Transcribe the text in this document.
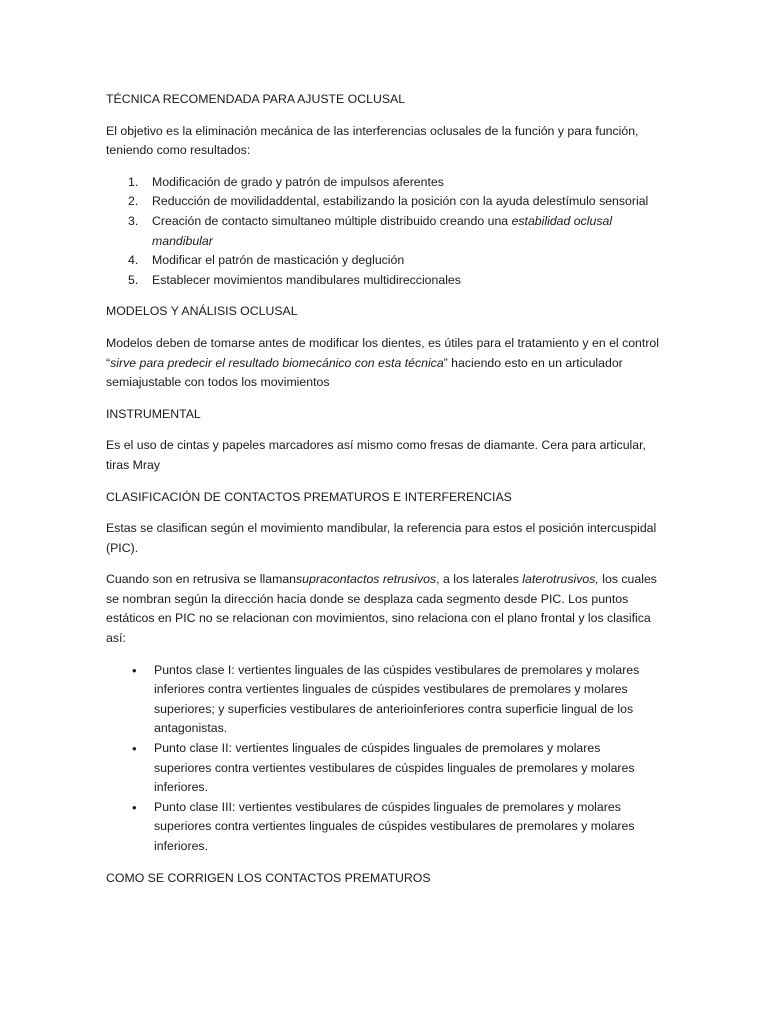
TÉCNICA RECOMENDADA PARA AJUSTE OCLUSAL
El objetivo es la eliminación mecánica de las interferencias oclusales de la función y para función, teniendo como resultados:
1. Modificación de grado y patrón de impulsos aferentes
2. Reducción de movilidaddental, estabilizando la posición con la ayuda delestímulo sensorial
3. Creación de contacto simultaneo múltiple distribuido creando una estabilidad oclusal mandibular
4. Modificar el patrón de masticación y deglución
5. Establecer movimientos mandibulares multidireccionales
MODELOS Y ANÁLISIS OCLUSAL
Modelos deben de tomarse antes de modificar los dientes, es útiles para el tratamiento y en el control “sirve para predecir el resultado biomecánico con esta técnica” haciendo esto en un articulador semiajustable con todos los movimientos
INSTRUMENTAL
Es el uso de cintas y papeles marcadores así mismo como fresas de diamante. Cera para articular, tiras Mray
CLASIFICACIÓN DE CONTACTOS PREMATUROS E INTERFERENCIAS
Estas se clasifican según el movimiento mandibular, la referencia para estos el posición intercuspidal (PIC).
Cuando son en retrusiva se llamansupracontactos retrusivos, a los laterales laterotrusivos, los cuales se nombran según la dirección hacia donde se desplaza cada segmento desde PIC. Los puntos estáticos en PIC no se relacionan con movimientos, sino relaciona con el plano frontal y los clasifica así:
• Puntos clase I: vertientes linguales de las cúspides vestibulares de premolares y molares inferiores contra vertientes linguales de cúspides vestibulares de premolares y molares superiores; y superficies vestibulares de anterioinferiores contra superficie lingual de los antagonistas.
• Punto clase II: vertientes linguales de cúspides linguales de premolares y molares superiores contra vertientes vestibulares de cúspides linguales de premolares y molares inferiores.
• Punto clase III: vertientes vestibulares de cúspides linguales de premolares y molares superiores contra vertientes linguales de cúspides vestibulares de premolares y molares inferiores.
COMO SE CORRIGEN LOS CONTACTOS PREMATUROS
